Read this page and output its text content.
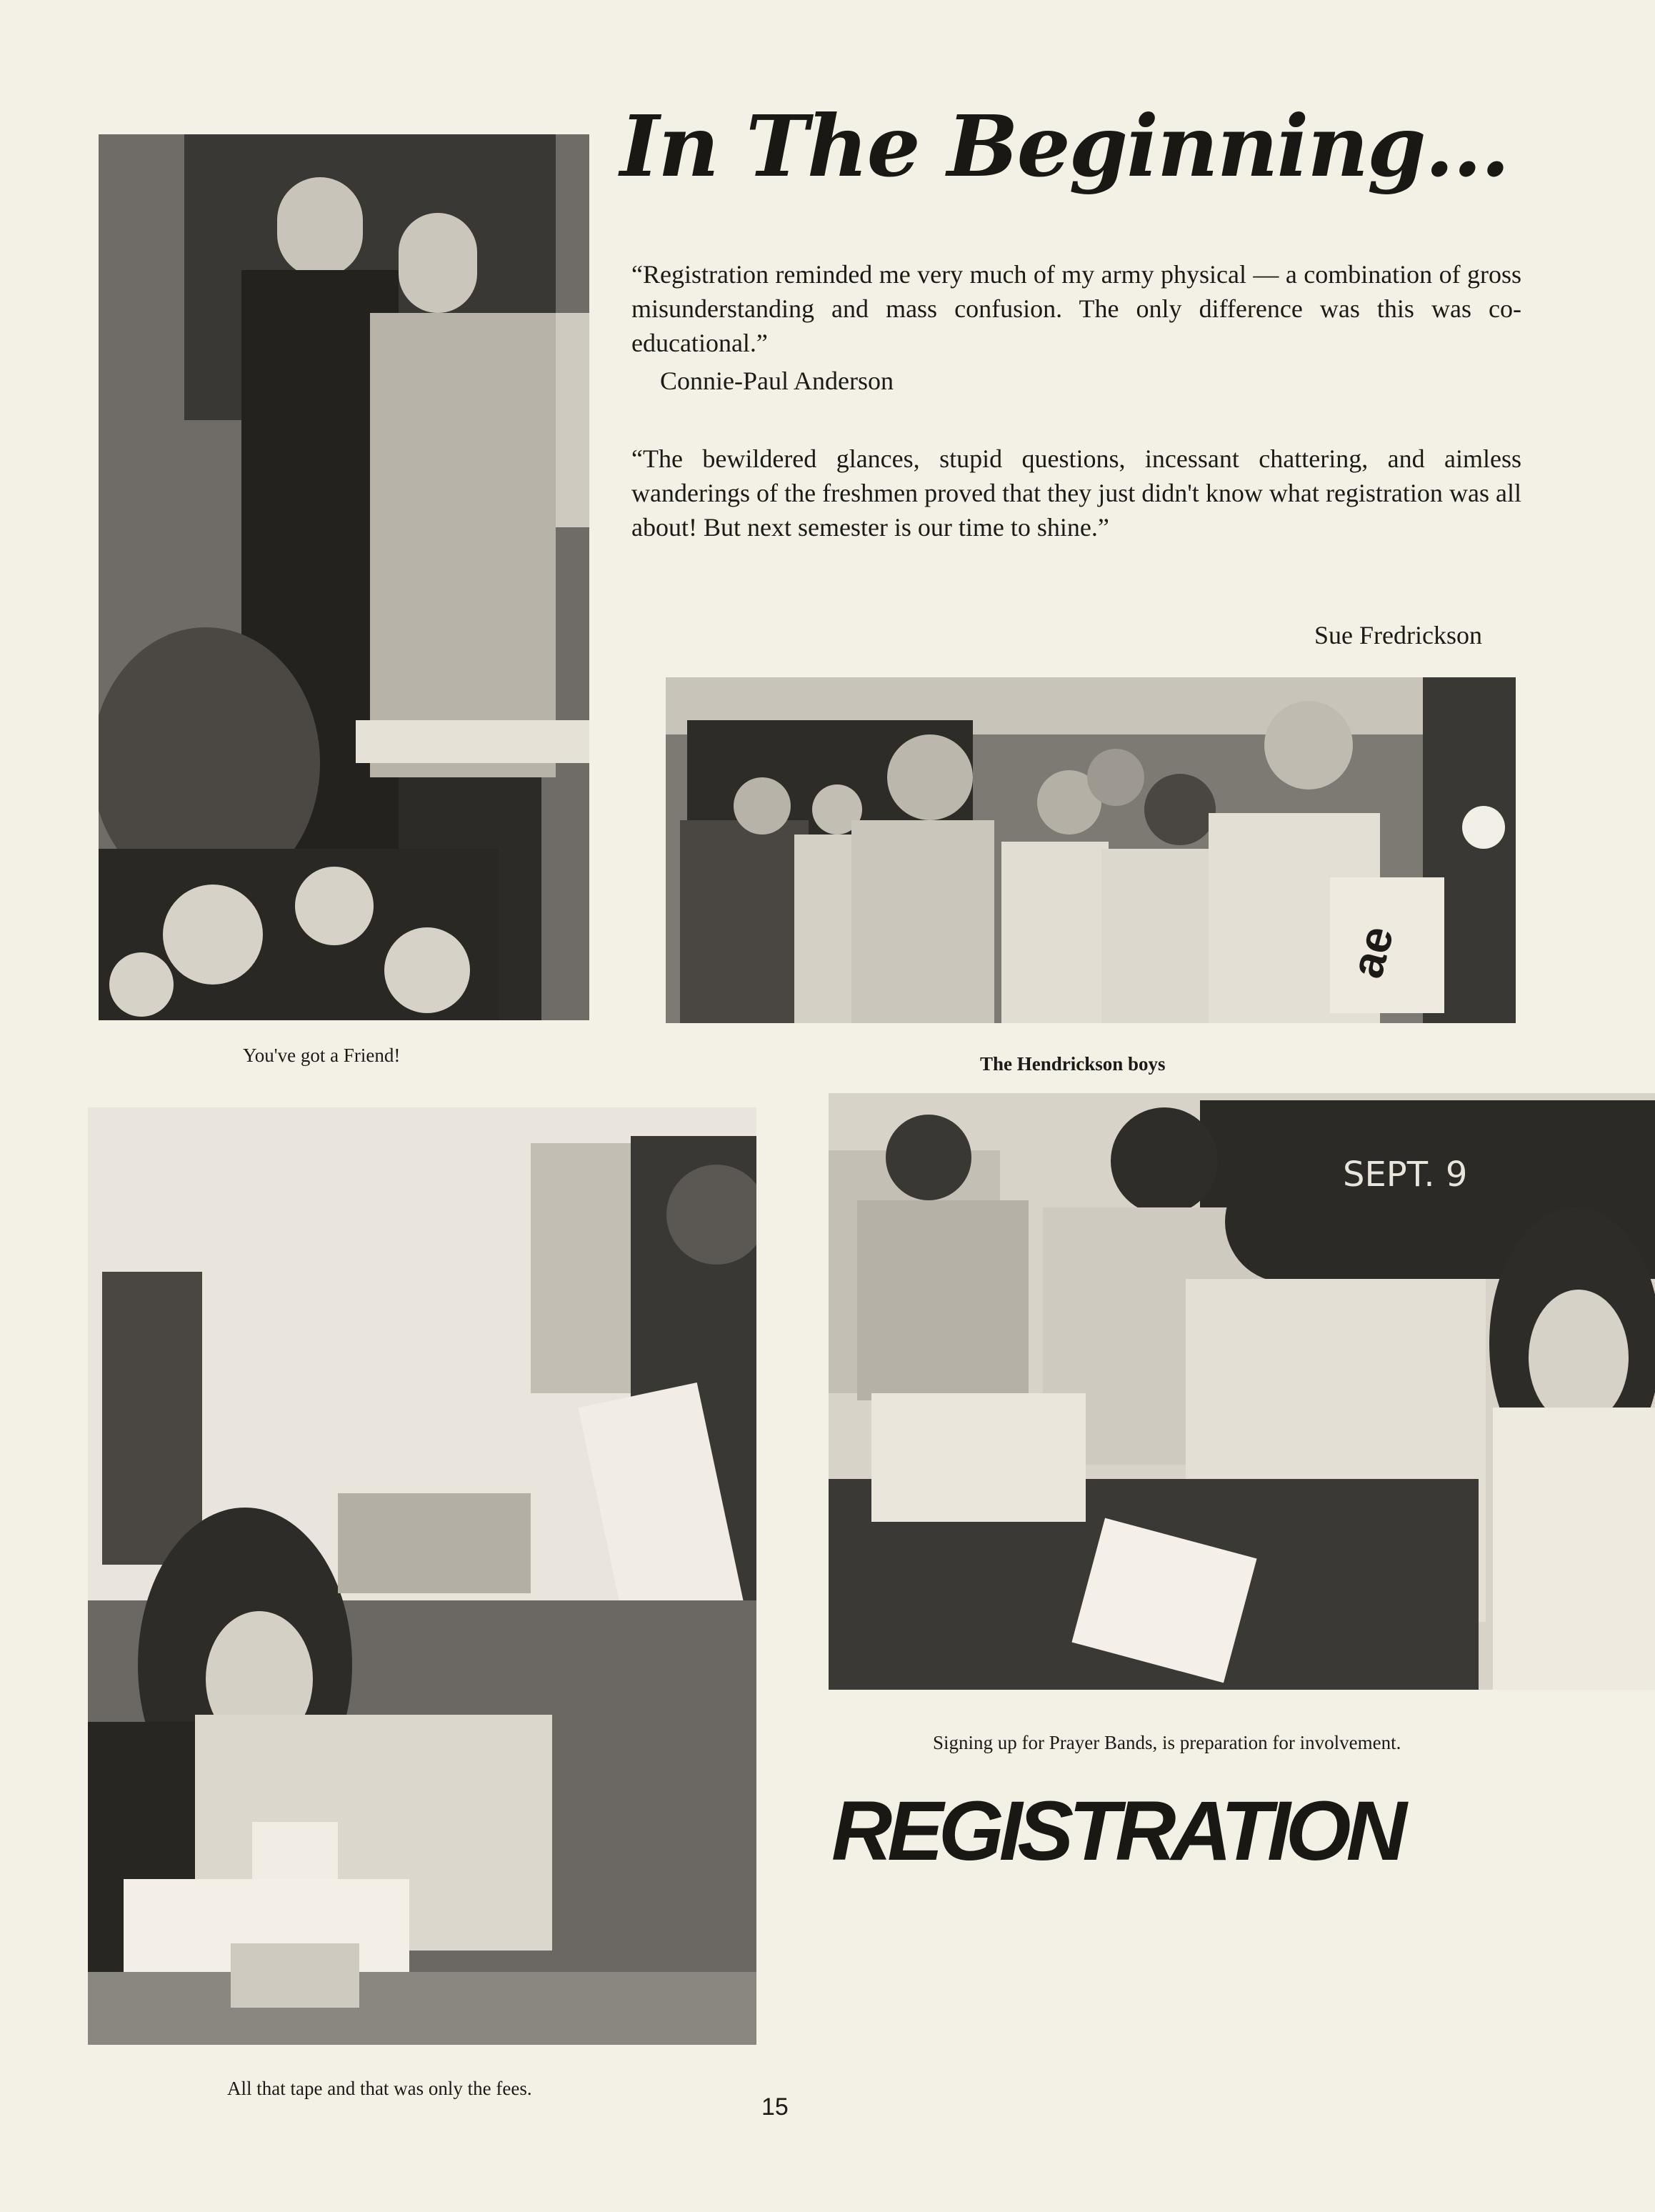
In The Beginning...

“Registration reminded me very much of my army physical — a combination of gross misunderstanding and mass confusion. The only difference was this was co-educational.”

Connie-Paul Anderson

“The bewildered glances, stupid questions, incessant chattering, and aimless wanderings of the freshmen proved that they just didn't know what registration was all about! But next semester is our time to shine.”

Sue Fredrickson

You've got a Friend!

ae

The Hendrickson boys

All that tape and that was only the fees.

SEPT. 9

Signing up for Prayer Bands, is preparation for involvement.

REGISTRATION

15
